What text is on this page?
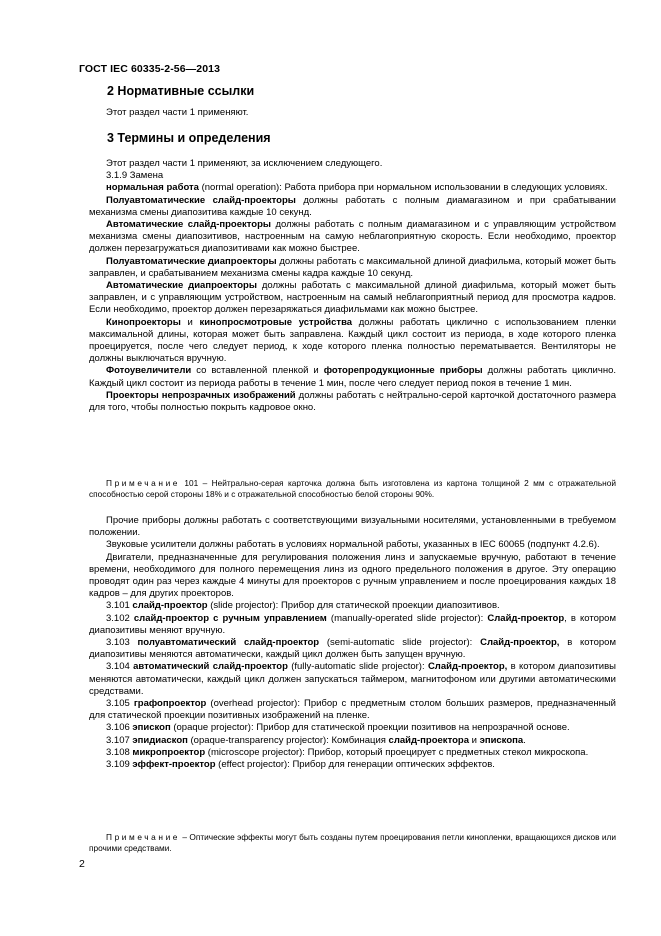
ГОСТ IEC 60335-2-56—2013
2 Нормативные ссылки

Этот раздел части 1 применяют.

3 Термины и определения

Этот раздел части 1 применяют, за исключением следующего.

3.1.9 Замена

нормальная работа (normal operation): Работа прибора при нормальном использовании в следующих условиях.

Полуавтоматические слайд-проекторы должны работать с полным диамагазином и при срабатывании механизма смены диапозитива каждые 10 секунд.

Автоматические слайд-проекторы должны работать с полным диамагазином и с управляющим устройством механизма смены диапозитивов, настроенным на самую неблагоприятную скорость. Если необходимо, проектор должен перезагружаться диапозитивами как можно быстрее.

Полуавтоматические диапроекторы должны работать с максимальной длиной диафильма, который может быть заправлен, и срабатыванием механизма смены кадра каждые 10 секунд.

Автоматические диапроекторы должны работать с максимальной длиной диафильма, который может быть заправлен, и с управляющим устройством, настроенным на самый неблагоприятный период для просмотра кадров. Если необходимо, проектор должен перезаряжаться диафильмами как можно быстрее.

Кинопроекторы и кинопросмотровые устройства должны работать циклично с использованием пленки максимальной длины, которая может быть заправлена. Каждый цикл состоит из периода, в ходе которого пленка проецируется, после чего следует период, к ходе которого пленка полностью перематывается. Вентиляторы не должны выключаться вручную.

Фотоувеличители со вставленной пленкой и фоторепродукционные приборы должны работать циклично. Каждый цикл состоит из периода работы в течение 1 мин, после чего следует период покоя в течение 1 мин.

Проекторы непрозрачных изображений должны работать с нейтрально-серой карточкой достаточного размера для того, чтобы полностью покрыть кадровое окно.

Примечание 101 – Нейтрально-серая карточка должна быть изготовлена из картона толщиной 2 мм с отражательной способностью серой стороны 18% и с отражательной способностью белой стороны 90%.

Прочие приборы должны работать с соответствующими визуальными носителями, установленными в требуемом положении.

Звуковые усилители должны работать в условиях нормальной работы, указанных в IEC 60065 (подпункт 4.2.6).

Двигатели, предназначенные для регулирования положения линз и запускаемые вручную, работают в течение времени, необходимого для полного перемещения линз из одного предельного положения в другое. Эту операцию проводят один раз через каждые 4 минуты для проекторов с ручным управлением и после проецирования каждых 18 кадров – для других проекторов.

3.101 слайд-проектор (slide projector): Прибор для статической проекции диапозитивов.

3.102 слайд-проектор с ручным управлением (manually-operated slide projector): Слайд-проектор, в котором диапозитивы меняют вручную.

3.103 полуавтоматический слайд-проектор (semi-automatic slide projector): Слайд-проектор, в котором диапозитивы меняются автоматически, каждый цикл должен быть запущен вручную.

3.104 автоматический слайд-проектор (fully-automatic slide projector): Слайд-проектор, в котором диапозитивы меняются автоматически, каждый цикл должен запускаться таймером, магнитофоном или другими автоматическими средствами.

3.105 графопроектор (overhead projector): Прибор с предметным столом больших размеров, предназначенный для статической проекции позитивных изображений на пленке.

3.106 эпископ (opaque projector): Прибор для статической проекции позитивов на непрозрачной основе.

3.107 эпидиаскоп (opaque-transparency projector): Комбинация слайд-проектора и эпископа.

3.108 микропроектор (microscope projector): Прибор, который проецирует с предметных стекол микроскопа.

3.109 эффект-проектор (effect projector): Прибор для генерации оптических эффектов.

Примечание – Оптические эффекты могут быть созданы путем проецирования петли кинопленки, вращающихся дисков или прочими средствами.

2
